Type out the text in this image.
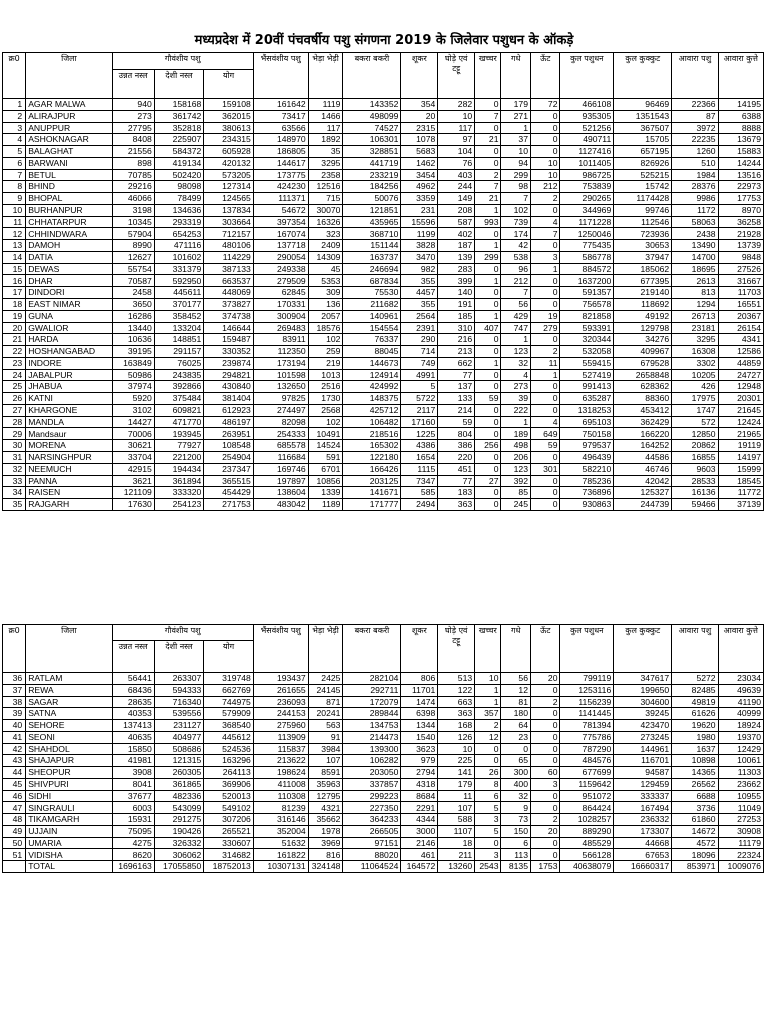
मध्यप्रदेश में 20वीं पंचवर्षीय पशु संगणना 2019 के जिलेवार पशुधन के ऑकड़े
क्र0	जिला	गौवंशीय पशु			भैंसवंशीय पशु	भेड़ा भेड़ी	बकरा बकरी	शूकर	घोड़े एवं टट्टू	खच्चर	गधे	ऊँट	कुल पशुधन	कुल कुक्कुट	आवारा पशु	आवारा कुत्ते
		उन्नत नस्ल	देशी नस्ल	योग												
1	AGAR MALWA	940	158168	159108	161642	1119	143352	354	282	0	179	72	466108	96469	22366	14195
2	ALIRAJPUR	273	361742	362015	73417	1466	498099	20	10	7	271	0	935305	1351543	87	6388
3	ANUPPUR	27795	352818	380613	63566	117	74527	2315	117	0	1	0	521256	367507	3972	8888
4	ASHOKNAGAR	8408	225907	234315	148970	1892	106301	1078	97	21	37	0	490711	15705	22235	13679
5	BALAGHAT	21556	584372	605928	186805	35	328851	5683	104	0	10	0	1127416	657195	1260	15883
6	BARWANI	898	419134	420132	144617	3295	441719	1462	76	0	94	10	1011405	826926	510	14244
7	BETUL	70785	502420	573205	173775	2358	233219	3454	403	2	299	10	986725	525215	1984	13516
8	BHIND	29216	98098	127314	424230	12516	184256	4962	244	7	98	212	753839	15742	28376	22973
9	BHOPAL	46066	78499	124565	111371	715	50076	3359	149	21	7	2	290265	1174428	9986	17753
10	BURHANPUR	3198	134636	137834	54672	30070	121851	231	208	1	102	0	344969	99746	1172	8970
11	CHHATARPUR	10345	293319	303664	397354	16326	435965	15596	587	993	739	4	1171228	112546	58063	36258
12	CHHINDWARA	57904	654253	712157	167074	323	368710	1199	402	0	174	7	1250046	723936	2438	21928
13	DAMOH	8990	471116	480106	137718	2409	151144	3828	187	1	42	0	775435	30653	13490	13739
14	DATIA	12627	101602	114229	290054	14309	163737	3470	139	299	538	3	586778	37947	14700	9848
15	DEWAS	55754	331379	387133	249338	45	246694	982	283	0	96	1	884572	185062	18695	27526
16	DHAR	70587	592950	663537	279509	5353	687834	355	399	1	212	0	1637200	677395	2613	31667
17	DINDORI	2458	445611	448069	62845	309	75530	4457	140	0	7	0	591357	219140	813	11703
18	EAST NIMAR	3650	370177	373827	170331	136	211682	355	191	0	56	0	756578	118692	1294	16551
19	GUNA	16286	358452	374738	300904	2057	140961	2564	185	1	429	19	821858	49192	26713	20367
20	GWALIOR	13440	133204	146644	269483	18576	154554	2391	310	407	747	279	593391	129798	23181	26154
21	HARDA	10636	148851	159487	83911	102	76337	290	216	0	1	0	320344	34276	3295	4341
22	HOSHANGABAD	39195	291157	330352	112350	259	88045	714	213	0	123	2	532058	409967	16308	12586
23	INDORE	163849	76025	239874	173194	219	144673	749	662	1	32	11	559415	679528	3302	44859
24	JABALPUR	50986	243835	294821	101598	1013	124914	4991	77	0	4	1	527419	2658848	10205	24727
25	JHABUA	37974	392866	430840	132650	2516	424992	5	137	0	273	0	991413	628362	426	12948
26	KATNI	5920	375484	381404	97825	1730	148375	5722	133	59	39	0	635287	88360	17975	20301
27	KHARGONE	3102	609821	612923	274497	2568	425712	2117	214	0	222	0	1318253	453412	1747	21645
28	MANDLA	14427	471770	486197	82098	102	106482	17160	59	0	1	4	695103	362429	572	12424
29	Mandsaur	70006	193945	263951	254333	10491	218516	1225	804	0	189	649	750158	166220	12850	21965
30	MORENA	30621	77927	108548	685578	14524	165302	4386	386	256	498	59	979537	164252	20862	19119
31	NARSINGHPUR	33704	221200	254904	116684	591	122180	1654	220	0	206	0	496439	44586	16855	14197
32	NEEMUCH	42915	194434	237347	169746	6701	166426	1115	451	0	123	301	582210	46746	9603	15999
33	PANNA	3621	361894	365515	197897	10856	203125	7347	77	27	392	0	785236	42042	28533	18545
34	RAISEN	121109	333320	454429	138604	1339	141671	585	183	0	85	0	736896	125327	16136	11772
35	RAJGARH	17630	254123	271753	483042	1189	171777	2494	363	0	245	0	930863	244739	59466	37139
क्र0	जिला	गौवंशीय पशु			भैंसवंशीय पशु	भेड़ा भेड़ी	बकरा बकरी	शूकर	घोड़े एवं टट्टू	खच्चर	गधे	ऊँट	कुल पशुधन	कुल कुक्कुट	आवारा पशु	आवारा कुत्ते
		उन्नत नस्ल	देशी नस्ल	योग												
36	RATLAM	56441	263307	319748	193437	2425	282104	806	513	10	56	20	799119	347617	5272	23034
37	REWA	68436	594333	662769	261655	24145	292711	11701	122	1	12	0	1253116	199650	82485	49639
38	SAGAR	28635	716340	744975	236093	871	172079	1474	663	1	81	2	1156239	304600	49819	41190
39	SATNA	40353	539556	579909	244153	20241	289844	6398	363	357	180	0	1141445	39245	61626	40999
40	SEHORE	137413	231127	368540	275960	563	134753	1344	168	2	64	0	781394	423470	19620	18924
41	SEONI	40635	404977	445612	113909	91	214473	1540	126	12	23	0	775786	273245	1980	19370
42	SHAHDOL	15850	508686	524536	115837	3984	139300	3623	10	0	0	0	787290	144961	1637	12429
43	SHAJAPUR	41981	121315	163296	213622	107	106282	979	225	0	65	0	484576	116701	10898	10061
44	SHEOPUR	3908	260305	264113	198624	8591	203050	2794	141	26	300	60	677699	94587	14365	11303
45	SHIVPURI	8041	361865	369906	411008	35963	337857	4318	179	8	400	3	1159642	129459	26562	23662
46	SIDHI	37677	482336	520013	110308	12795	299223	8684	11	6	32	0	951072	333337	6688	10955
47	SINGRAULI	6003	543099	549102	81239	4321	227350	2291	107	5	9	0	864424	167494	3736	11049
48	TIKAMGARH	15931	291275	307206	316146	35662	364233	4344	588	3	73	2	1028257	236332	61860	27253
49	UJJAIN	75095	190426	265521	352004	1978	266505	3000	1107	5	150	20	889290	173307	14672	30908
50	UMARIA	4275	326332	330607	51632	3969	97151	2146	18	0	6	0	485529	44668	4572	11179
51	VIDISHA	8620	306062	314682	161822	816	88020	461	211	3	113	0	566128	67653	18096	22324
	TOTAL	1696163	17055850	18752013	10307131	324148	11064524	164572	13260	2543	8135	1753	40638079	16660317	853971	1009076
